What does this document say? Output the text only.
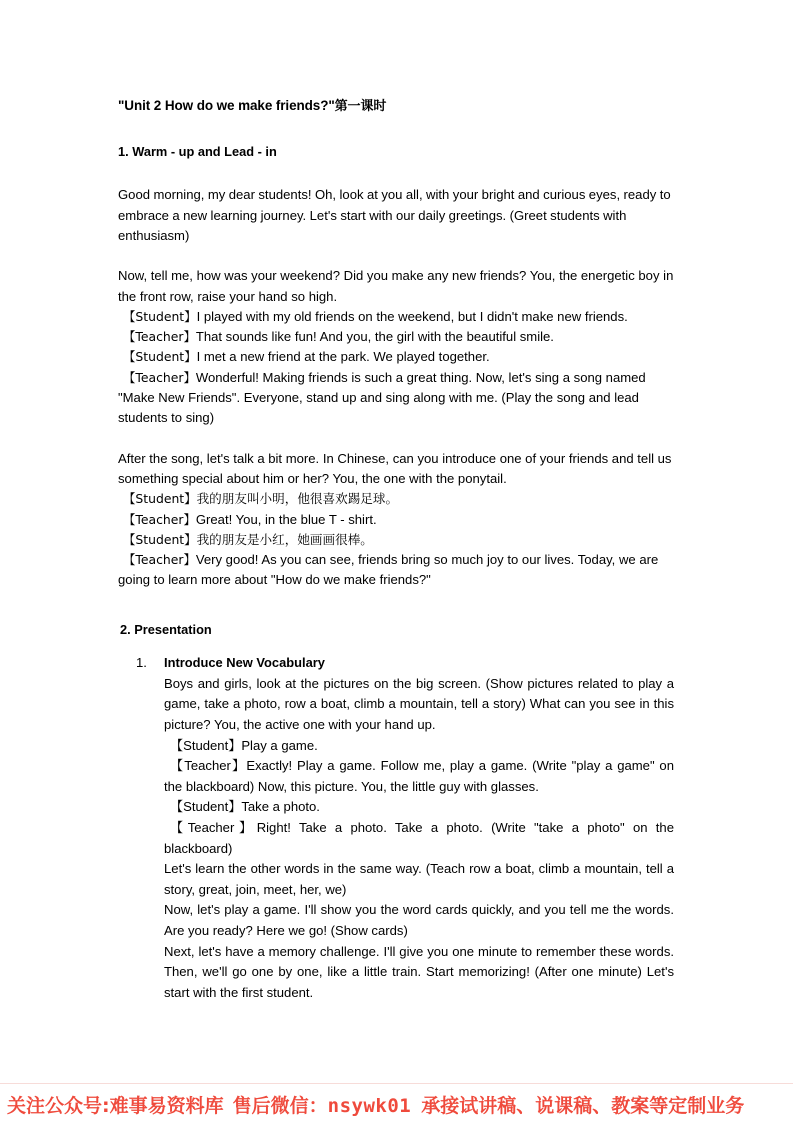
"Unit 2 How do we make friends?"第一课时
1. Warm - up and Lead - in

Good morning, my dear students! Oh, look at you all, with your bright and curious eyes, ready to embrace a new learning journey. Let's start with our daily greetings. (Greet students with enthusiasm)

Now, tell me, how was your weekend? Did you make any new friends? You, the energetic boy in the front row, raise your hand so high.

【Student】I played with my old friends on the weekend, but I didn't make new friends.

【Teacher】That sounds like fun! And you, the girl with the beautiful smile.

【Student】I met a new friend at the park. We played together.

【Teacher】Wonderful! Making friends is such a great thing. Now, let's sing a song named "Make New Friends". Everyone, stand up and sing along with me. (Play the song and lead students to sing)

After the song, let's talk a bit more. In Chinese, can you introduce one of your friends and tell us something special about him or her? You, the one with the ponytail.

【Student】我的朋友叫小明，他很喜欢踢足球。

【Teacher】Great! You, in the blue T - shirt.

【Student】我的朋友是小红，她画画很棒。

【Teacher】Very good! As you can see, friends bring so much joy to our lives. Today, we are going to learn more about "How do we make friends?"

2. Presentation
1. Introduce New Vocabulary

Boys and girls, look at the pictures on the big screen. (Show pictures related to play a game, take a photo, row a boat, climb a mountain, tell a story) What can you see in this picture? You, the active one with your hand up.

【Student】Play a game.

【Teacher】Exactly! Play a game. Follow me, play a game. (Write "play a game" on the blackboard) Now, this picture. You, the little guy with glasses.

【Student】Take a photo.

【Teacher】Right! Take a photo. Take a photo. (Write "take a photo" on the blackboard)

Let's learn the other words in the same way. (Teach row a boat, climb a mountain, tell a story, great, join, meet, her, we)

Now, let's play a game. I'll show you the word cards quickly, and you tell me the words. Are you ready? Here we go! (Show cards)

Next, let's have a memory challenge. I'll give you one minute to remember these words. Then, we'll go one by one, like a little train. Start memorizing! (After one minute) Let's start with the first student.

关注公众号:难事易资料库 售后微信：nsywk01 承接试讲稿、说课稿、教案等定制业务
